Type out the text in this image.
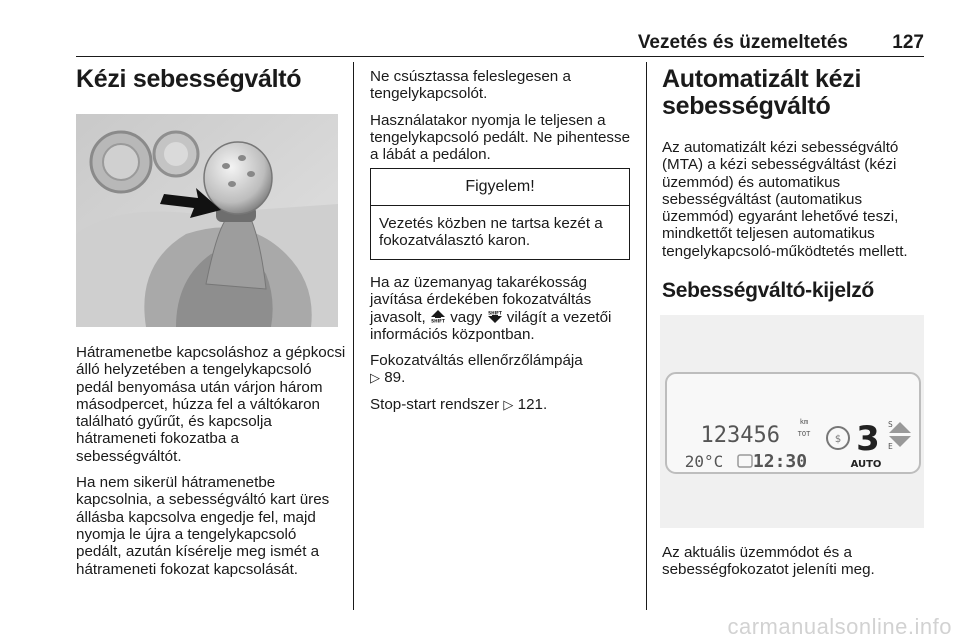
Vezetés és üzemeltetés 127
Kézi sebességváltó

Hátramenetbe kapcsoláshoz a gépkocsi álló helyzetében a tengelykapcsoló pedál benyomása után várjon három másodpercet, húzza fel a váltókaron található gyűrűt, és kapcsolja hátrameneti fokozatba a sebességváltót.

Ha nem sikerül hátramenetbe kapcsolnia, a sebességváltó kart üres állásba kapcsolva engedje fel, majd nyomja le újra a tengelykapcsoló pedált, azután kísérelje meg ismét a hátrameneti fokozat kapcsolását.

Ne csúsztassa feleslegesen a tengelykapcsolót.

Használatakor nyomja le teljesen a tengelykapcsoló pedált. Ne pihentesse a lábát a pedálon.

Figyelem!
Vezetés közben ne tartsa kezét a fokozatválasztó karon.

Ha az üzemanyag takarékosság javítása érdekében fokozatváltás javasolt, SHIFT vagy SHIFT világít a vezetői információs központban.

Fokozatváltás ellenőrzőlámpája
▷ 89.

Stop-start rendszer ▷ 121.

Automatizált kézi sebességváltó

Az automatizált kézi sebességváltó (MTA) a kézi sebességváltást (kézi üzemmód) és automatikus sebességváltást (automatikus üzemmód) egyaránt lehetővé teszi, mindkettőt teljesen automatikus tengelykapcsoló-működtetés mellett.

Sebességváltó-kijelző
123456
km
TOT $ 3 S
E
20°C 12:30	AUTO

Az aktuális üzemmódot és a sebességfokozatot jeleníti meg.

carmanualsonline.info
